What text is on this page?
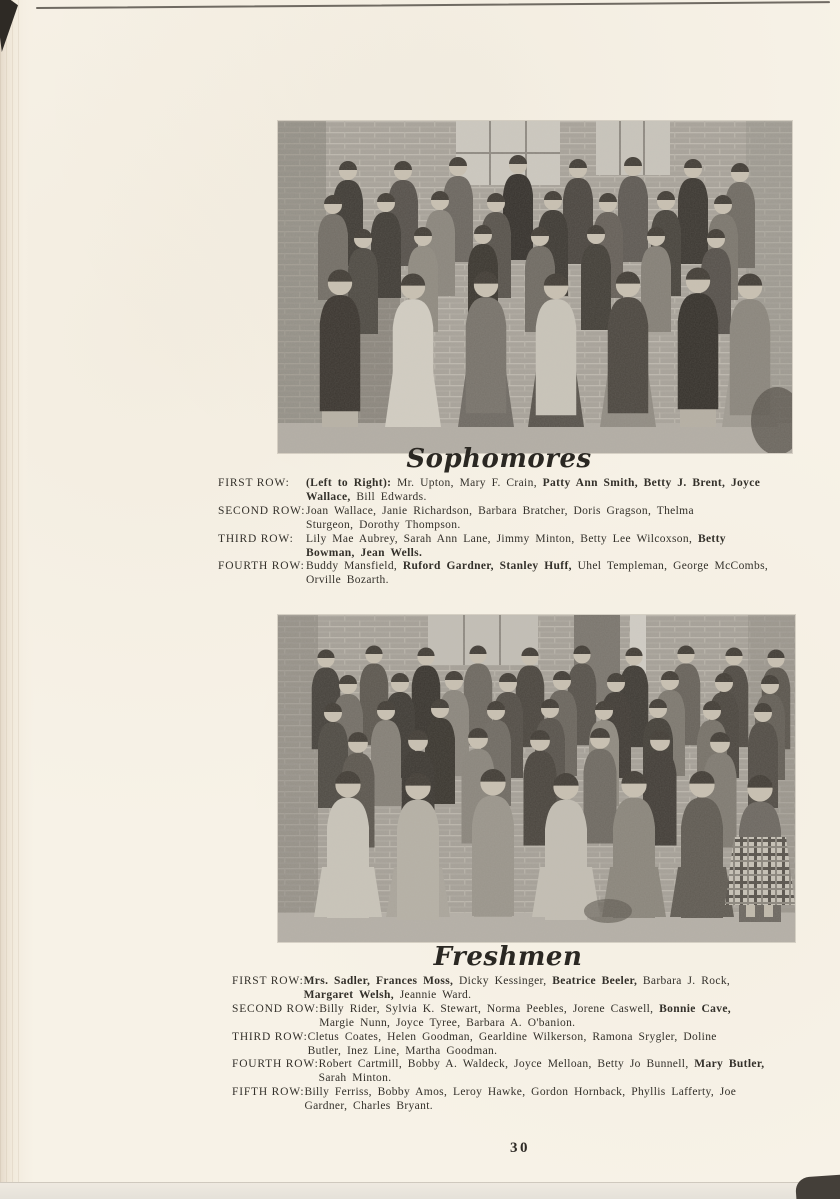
Sophomores
FIRST ROW:	(Left to Right): Mr. Upton, Mary F. Crain, Patty Ann Smith, Betty J. Brent, Joyce
Wallace, Bill Edwards.
SECOND ROW: Joan Wallace, Janie Richardson, Barbara Bratcher, Doris Gragson, Thelma
Sturgeon, Dorothy Thompson.
THIRD ROW:	Lily Mae Aubrey, Sarah Ann Lane, Jimmy Minton, Betty Lee Wilcoxson, Betty
Bowman, Jean Wells.
FOURTH ROW: Buddy Mansfield, Ruford Gardner, Stanley Huff, Uhel Templeman, George McCombs,
Orville Bozarth.
Freshmen
FIRST ROW: Mrs. Sadler, Frances Moss, Dicky Kessinger, Beatrice Beeler, Barbara J. Rock,
Margaret Welsh, Jeannie Ward.
SECOND ROW: Billy Rider, Sylvia K. Stewart, Norma Peebles, Jorene Caswell, Bonnie Cave,
Margie Nunn, Joyce Tyree, Barbara A. O'banion.
THIRD ROW: Cletus Coates, Helen Goodman, Gearldine Wilkerson, Ramona Srygler, Doline
Butler, Inez Line, Martha Goodman.
FOURTH ROW: Robert Cartmill, Bobby A. Waldeck, Joyce Melloan, Betty Jo Bunnell, Mary Butler,
Sarah Minton.
FIFTH ROW: Billy Ferriss, Bobby Amos, Leroy Hawke, Gordon Hornback, Phyllis Lafferty, Joe
Gardner, Charles Bryant.
30
